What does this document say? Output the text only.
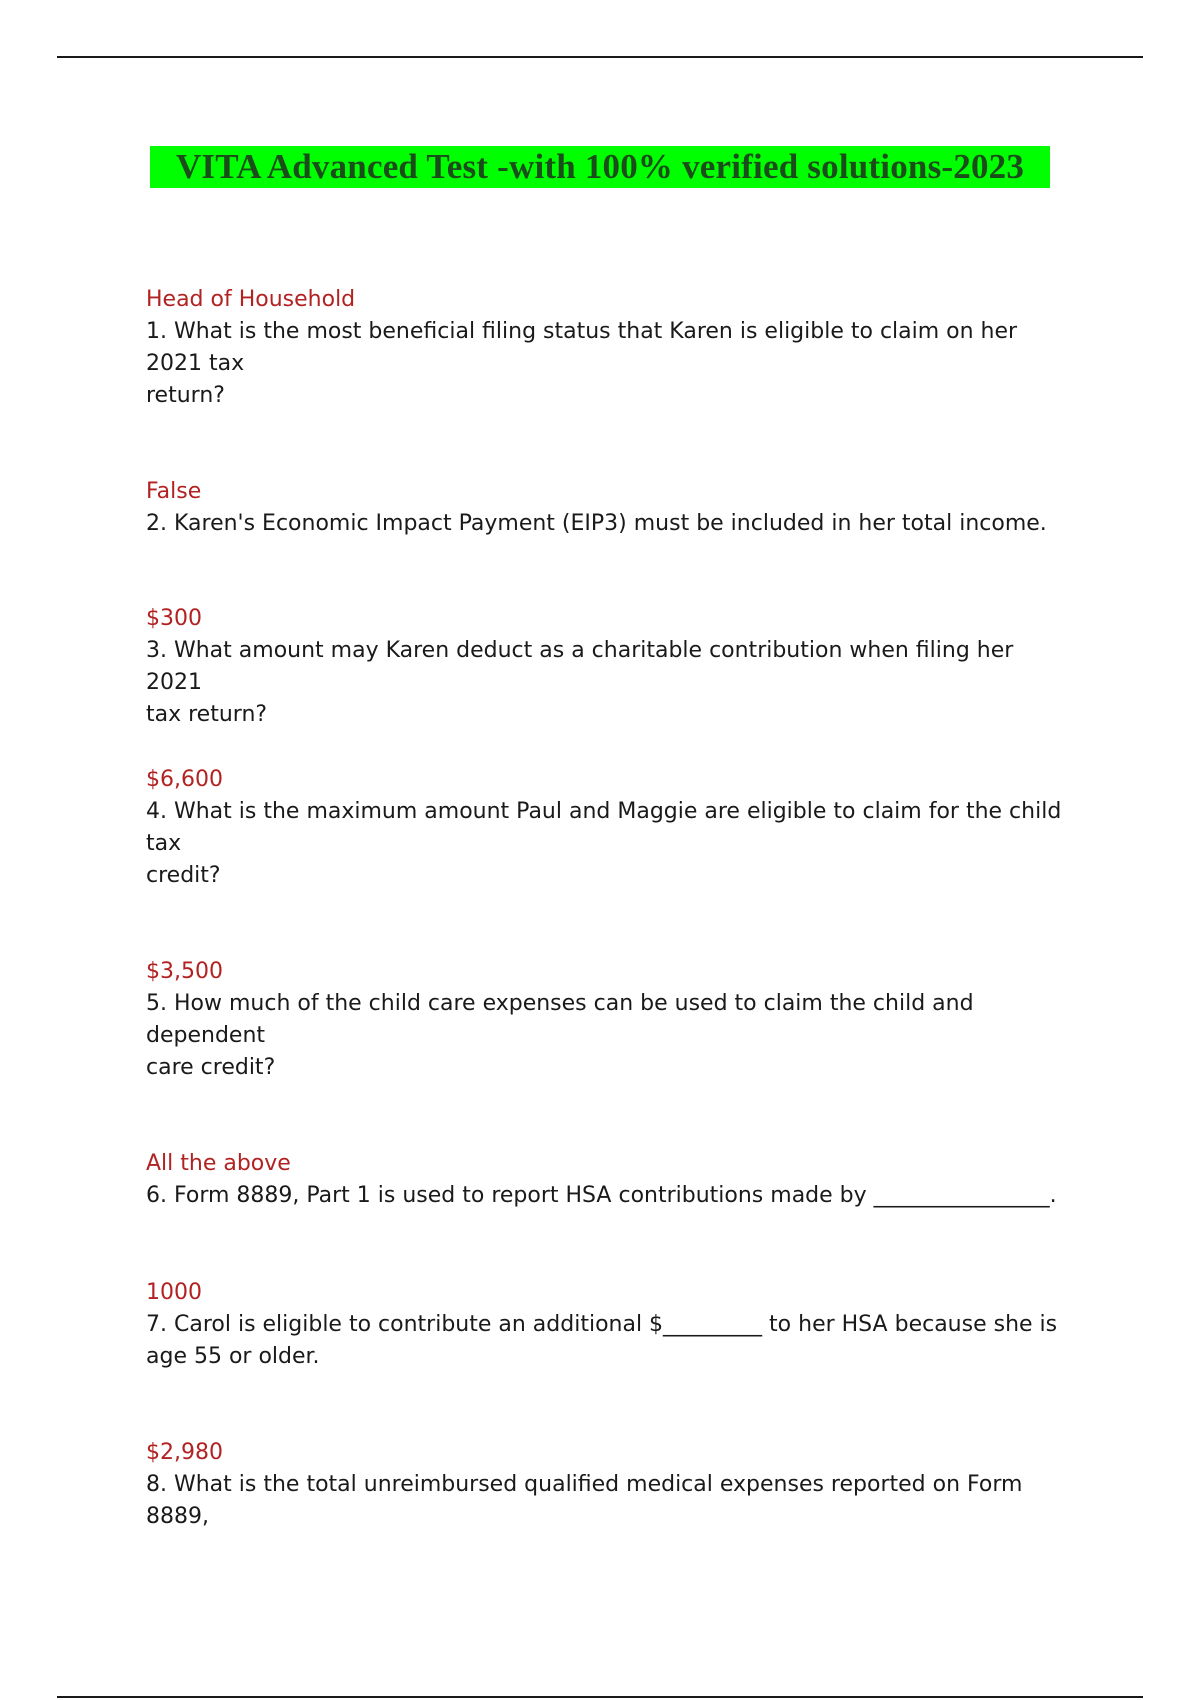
VITA Advanced Test -with 100% verified solutions-2023
Head of Household
1. What is the most beneficial filing status that Karen is eligible to claim on her 2021 tax
return?
False
2. Karen's Economic Impact Payment (EIP3) must be included in her total income.
$300
3. What amount may Karen deduct as a charitable contribution when filing her 2021
tax return?
$6,600
4. What is the maximum amount Paul and Maggie are eligible to claim for the child
tax
credit?
$3,500
5. How much of the child care expenses can be used to claim the child and
dependent
care credit?
All the above
6. Form 8889, Part 1 is used to report HSA contributions made by ________________.
1000
7. Carol is eligible to contribute an additional $_________ to her HSA because she is
age 55 or older.
$2,980
8. What is the total unreimbursed qualified medical expenses reported on Form
8889,
